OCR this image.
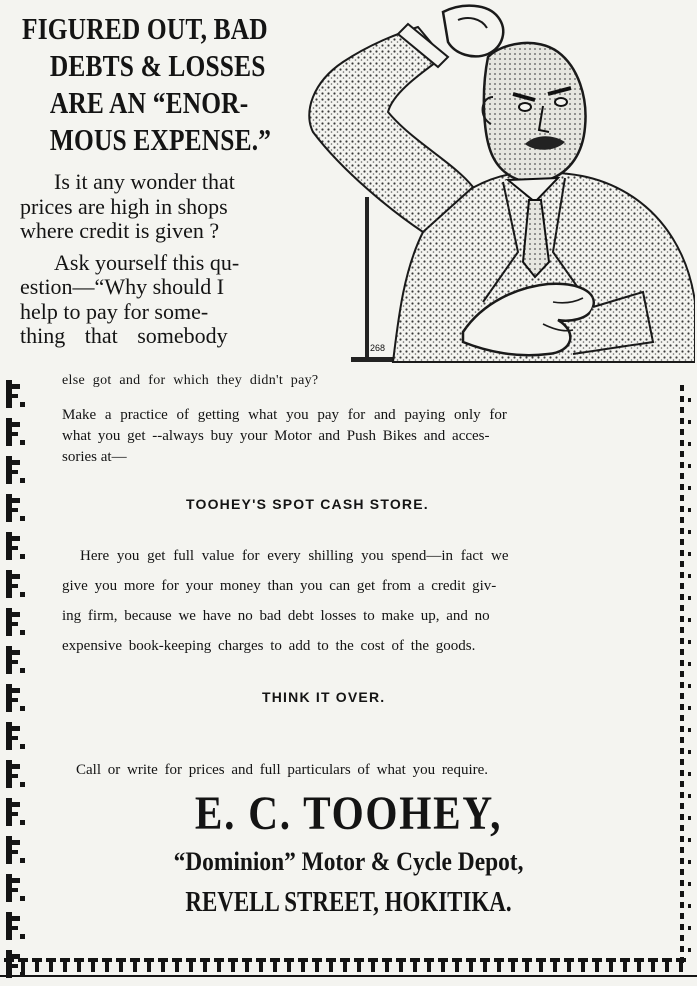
FIGURED OUT, BAD
DEBTS & LOSSES
ARE AN “ENOR-
MOUS EXPENSE.”
Is it any wonder that
prices are high in shops
where credit is given ?
Ask yourself this qu-
estion—“Why should I
help to pay for some-
thing that somebody	268
else got and for which they didn't pay?
Make a practice of getting what you pay for and paying only for
what you get --always buy your Motor and Push Bikes and acces-
sories at—
TOOHEY'S SPOT CASH STORE.
Here you get full value for every shilling you spend—in fact we
give you more for your money than you can get from a credit giv-
ing firm, because we have no bad debt losses to make up, and no
expensive book-keeping charges to add to the cost of the goods.
THINK IT OVER.
Call or write for prices and full particulars of what you require.
E. C. TOOHEY,
“Dominion” Motor & Cycle Depot,
REVELL STREET, HOKITIKA.
